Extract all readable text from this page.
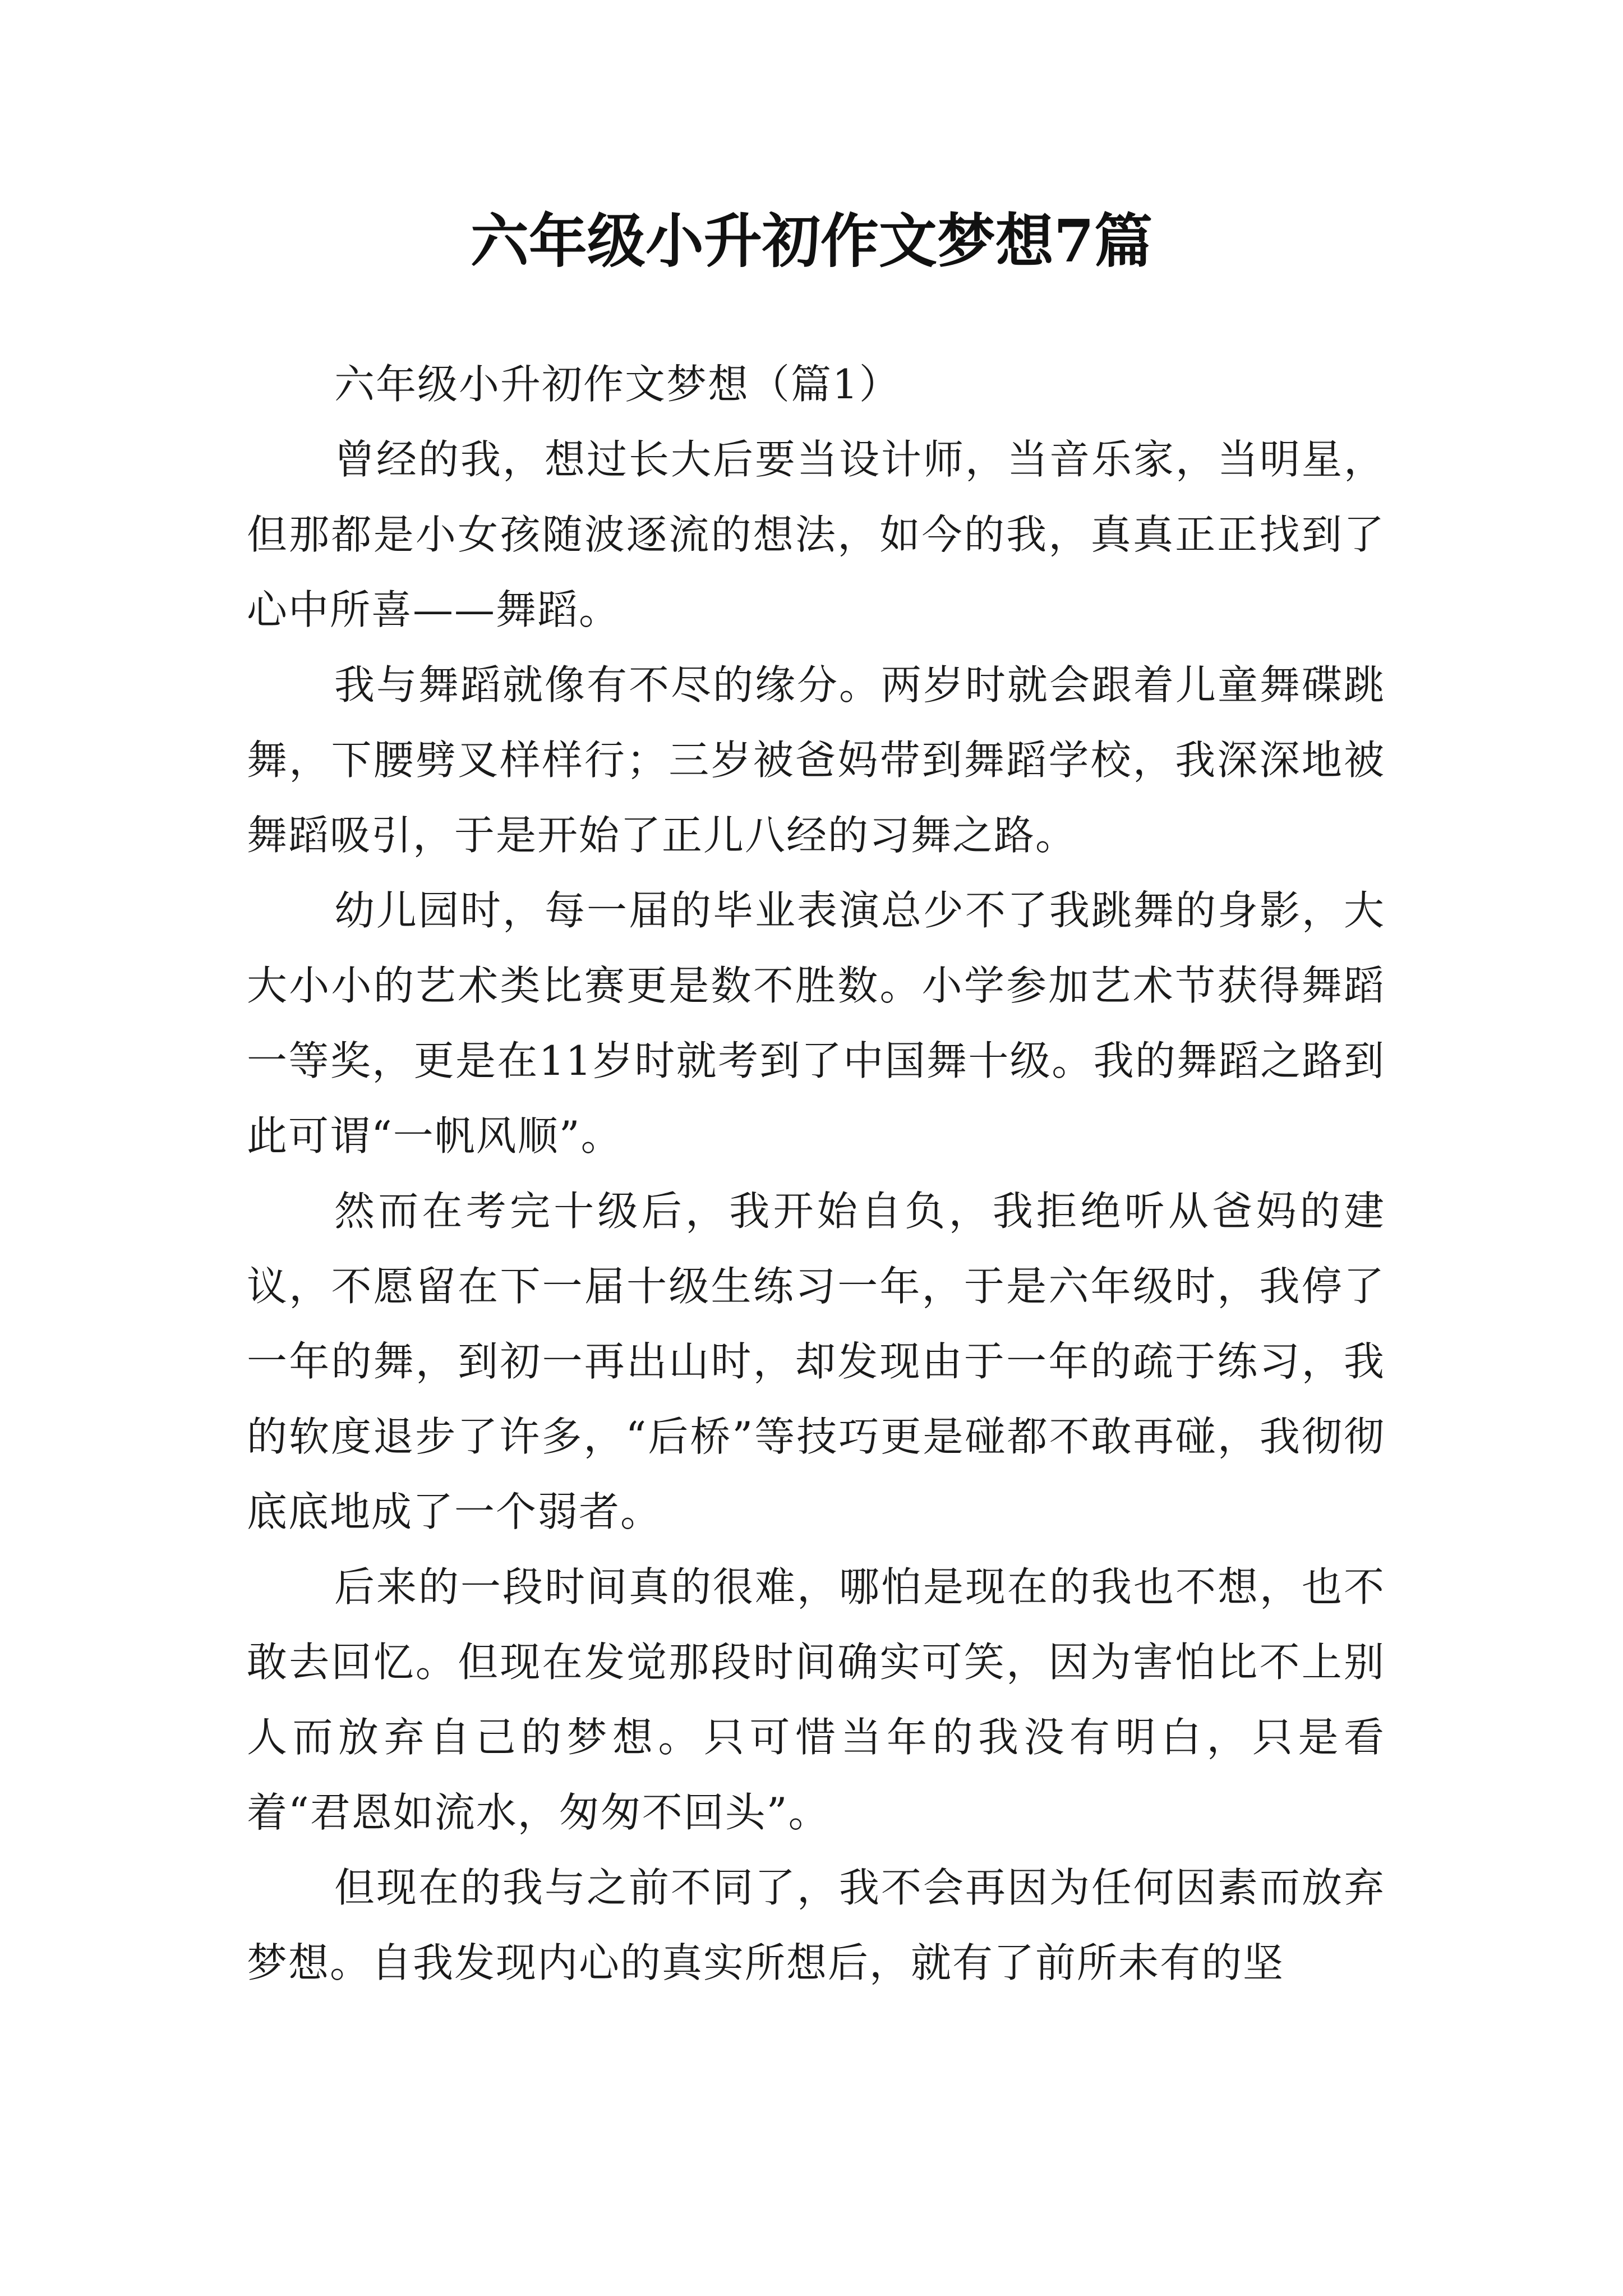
六年级小升初作文梦想7篇

六年级小升初作文梦想（篇1）

曾经的我，想过长大后要当设计师，当音乐家，当明星，但那都是小女孩随波逐流的想法，如今的我，真真正正找到了心中所喜——舞蹈。

我与舞蹈就像有不尽的缘分。两岁时就会跟着儿童舞碟跳舞，下腰劈叉样样行；三岁被爸妈带到舞蹈学校，我深深地被舞蹈吸引，于是开始了正儿八经的习舞之路。

幼儿园时，每一届的毕业表演总少不了我跳舞的身影，大大小小的艺术类比赛更是数不胜数。小学参加艺术节获得舞蹈一等奖，更是在11岁时就考到了中国舞十级。我的舞蹈之路到此可谓“一帆风顺”。

然而在考完十级后，我开始自负，我拒绝听从爸妈的建议，不愿留在下一届十级生练习一年，于是六年级时，我停了一年的舞，到初一再出山时，却发现由于一年的疏于练习，我的软度退步了许多，“后桥”等技巧更是碰都不敢再碰，我彻彻底底地成了一个弱者。

后来的一段时间真的很难，哪怕是现在的我也不想，也不敢去回忆。但现在发觉那段时间确实可笑，因为害怕比不上别人而放弃自己的梦想。只可惜当年的我没有明白，只是看着“君恩如流水，匆匆不回头”。

但现在的我与之前不同了，我不会再因为任何因素而放弃梦想。自我发现内心的真实所想后，就有了前所未有的坚
